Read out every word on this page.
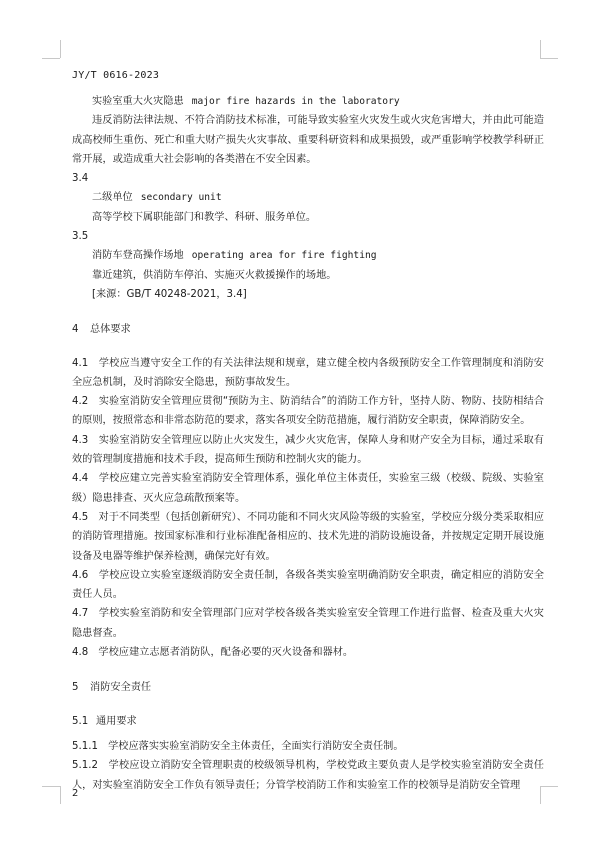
JY/T 0616-2023

实验室重大火灾隐患 major fire hazards in the laboratory

违反消防法律法规、不符合消防技术标准，可能导致实验室火灾发生或火灾危害增大，并由此可能造成高校师生重伤、死亡和重大财产损失火灾事故、重要科研资料和成果损毁，或严重影响学校教学科研正常开展，或造成重大社会影响的各类潜在不安全因素。

3.4

二级单位 secondary unit

高等学校下属职能部门和教学、科研、服务单位。

3.5

消防车登高操作场地 operating area for fire fighting

靠近建筑，供消防车停泊、实施灭火救援操作的场地。

[来源：GB/T 40248-2021，3.4]

4 总体要求

4.1　学校应当遵守安全工作的有关法律法规和规章，建立健全校内各级预防安全工作管理制度和消防安全应急机制，及时消除安全隐患，预防事故发生。

4.2　实验室消防安全管理应贯彻“预防为主、防消结合”的消防工作方针，坚持人防、物防、技防相结合的原则，按照常态和非常态防范的要求，落实各项安全防范措施，履行消防安全职责，保障消防安全。

4.3　实验室消防安全管理应以防止火灾发生，减少火灾危害，保障人身和财产安全为目标，通过采取有效的管理制度措施和技术手段，提高师生预防和控制火灾的能力。

4.4　学校应建立完善实验室消防安全管理体系，强化单位主体责任，实验室三级（校级、院级、实验室级）隐患排查、灭火应急疏散预案等。

4.5　对于不同类型（包括创新研究）、不同功能和不同火灾风险等级的实验室，学校应分级分类采取相应的消防管理措施。按国家标准和行业标准配备相应的、技术先进的消防设施设备，并按规定定期开展设施设备及电器等维护保养检测，确保完好有效。

4.6　学校应设立实验室逐级消防安全责任制，各级各类实验室明确消防安全职责，确定相应的消防安全责任人员。

4.7　学校实验室消防和安全管理部门应对学校各级各类实验室安全管理工作进行监督、检查及重大火灾隐患督查。

4.8　学校应建立志愿者消防队，配备必要的灭火设备和器材。

5 消防安全责任

5.1 通用要求

5.1.1　学校应落实实验室消防安全主体责任，全面实行消防安全责任制。

5.1.2　学校应设立消防安全管理职责的校级领导机构，学校党政主要负责人是学校实验室消防安全责任人，对实验室消防安全工作负有领导责任；分管学校消防工作和实验室工作的校领导是消防安全管理

2
